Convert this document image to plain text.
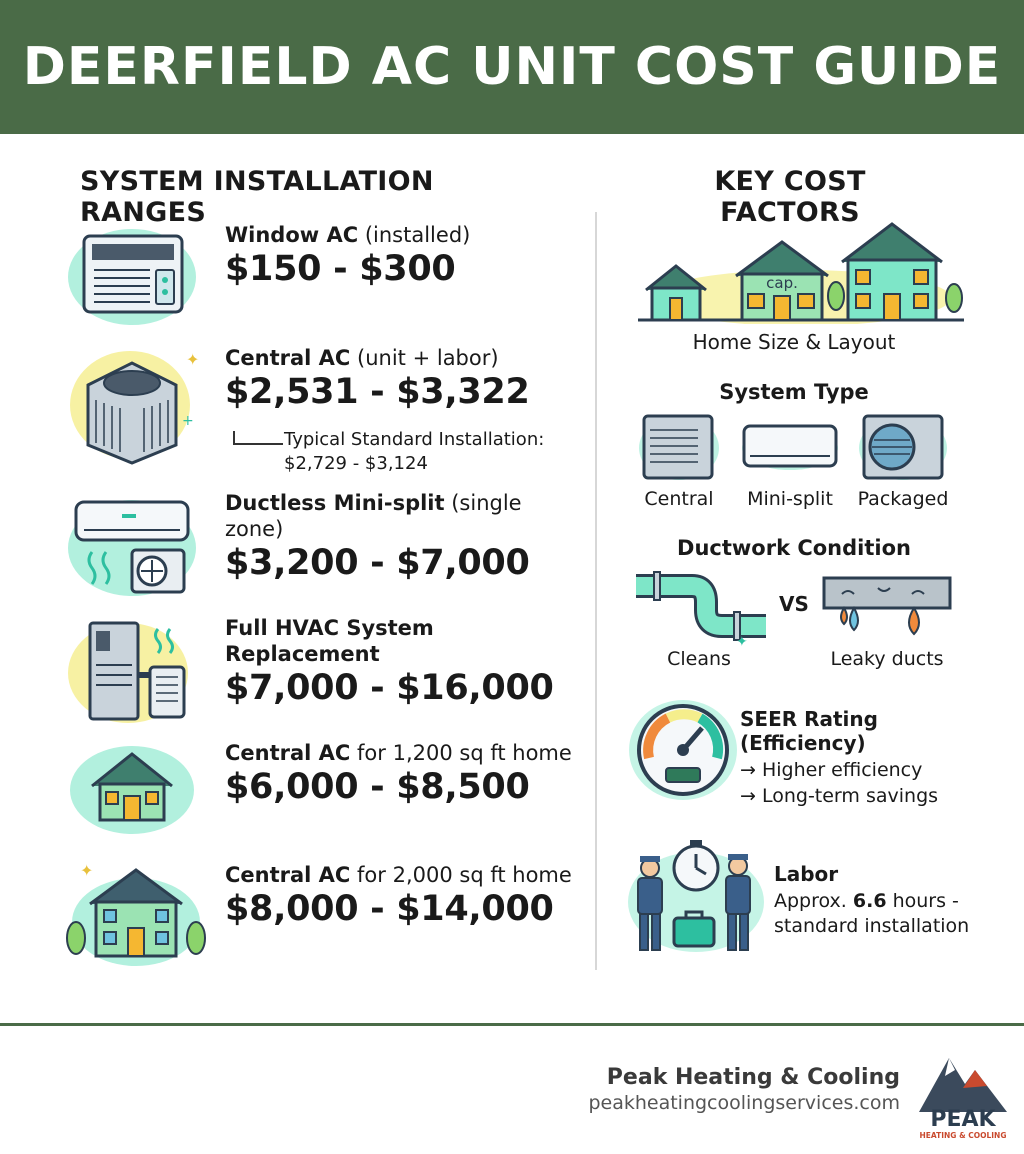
DEERFIELD AC UNIT COST GUIDE
SYSTEM INSTALLATION RANGES
KEY COST FACTORS
Window AC (installed)
$150 - $300
✦
+
Central AC (unit + labor)
$2,531 - $3,322
Typical Standard Installation:
$2,729 - $3,124
Ductless Mini-split (single zone)
$3,200 - $7,000
Full HVAC System Replacement
$7,000 - $16,000
Central AC for 1,200 sq ft home
$6,000 - $8,500
✦	Central AC for 2,000 sq ft home
$8,000 - $14,000
cap.
Home Size & Layout
System Type
Central	Mini-split	Packaged
Ductwork Condition
✦
VS
Cleans	Leaky ducts
SEER Rating (Efficiency)
→ Higher efficiency
→ Long-term savings
Labor
Approx. 6.6 hours -
standard installation
Peak Heating & Cooling
peakheatingcoolingservices.com
PEAK
HEATING & COOLING
